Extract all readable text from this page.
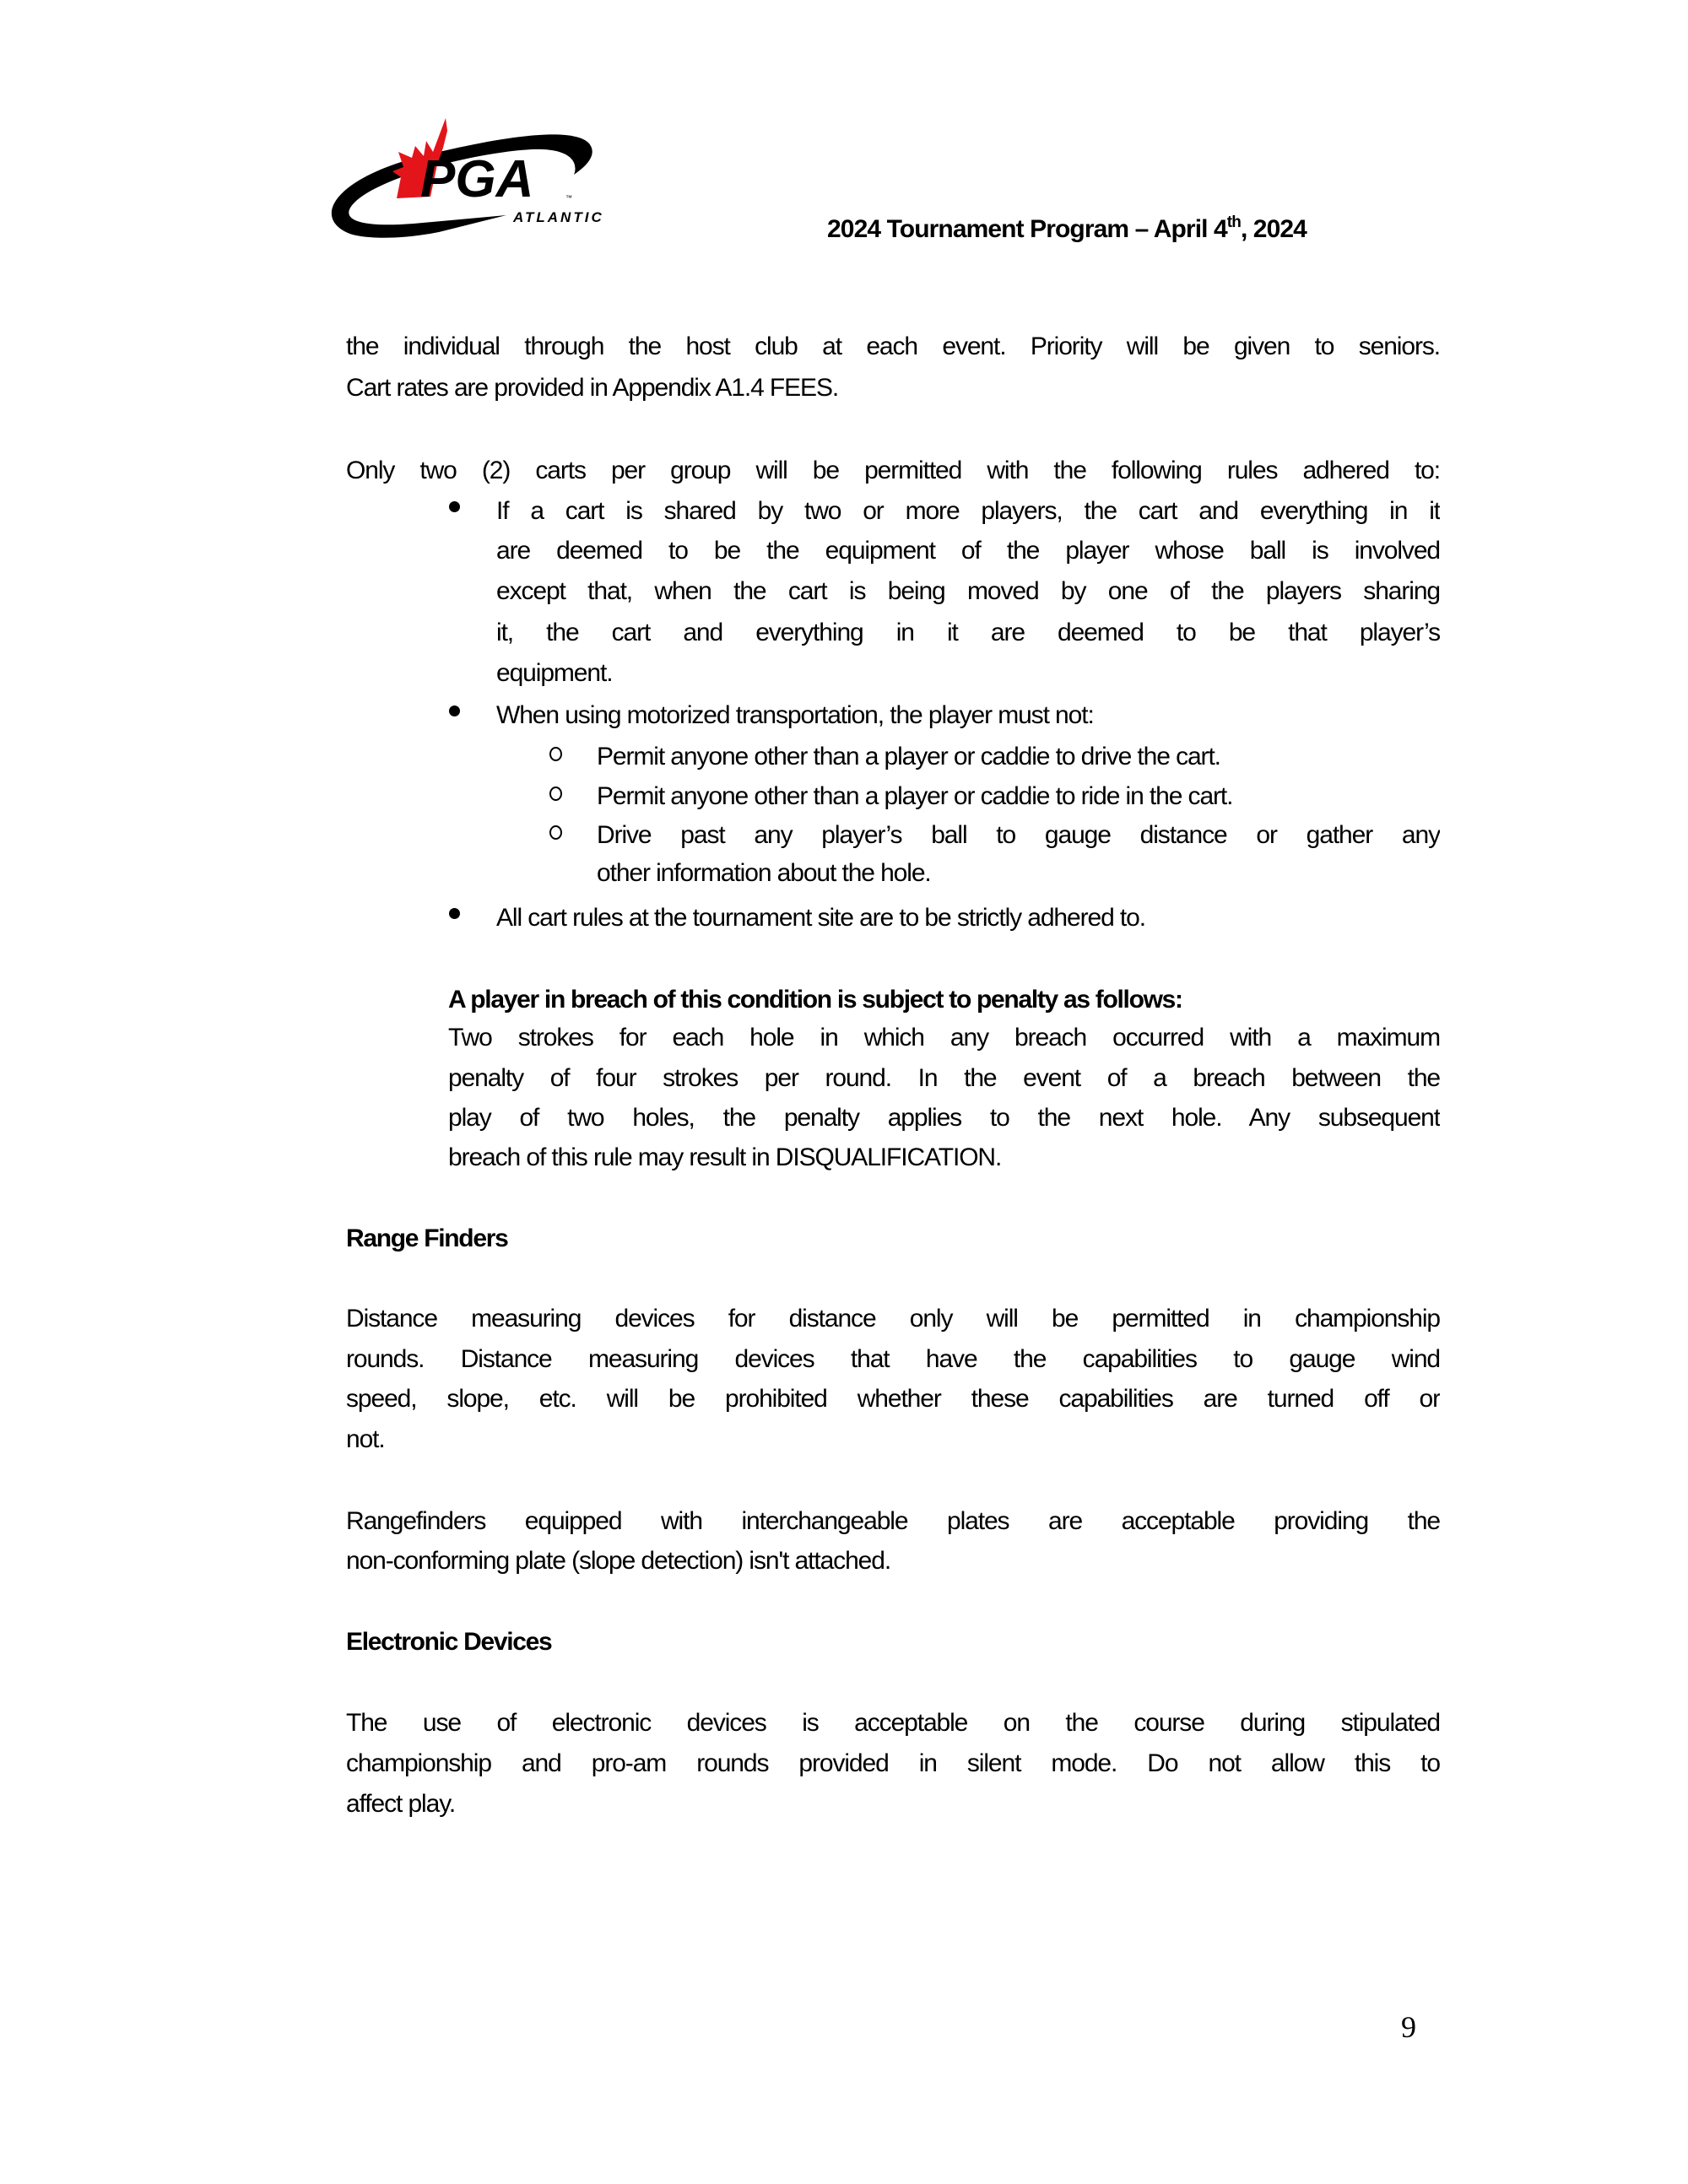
PGA	™
ATLANTIC	2024 Tournament Program – April 4th, 2024
the individual through the host club at each event. Priority will be given to seniors.
Cart rates are provided in Appendix A1.4 FEES.
Only two (2) carts per group will be permitted with the following rules adhered to:
If a cart is shared by two or more players, the cart and everything in it
are deemed to be the equipment of the player whose ball is involved
except that, when the cart is being moved by one of the players sharing
it, the cart and everything in it are deemed to be that player’s
equipment.
When using motorized transportation, the player must not:
Permit anyone other than a player or caddie to drive the cart.
Permit anyone other than a player or caddie to ride in the cart.
Drive past any player’s ball to gauge distance or gather any
other information about the hole.
All cart rules at the tournament site are to be strictly adhered to.
A player in breach of this condition is subject to penalty as follows:
Two strokes for each hole in which any breach occurred with a maximum
penalty of four strokes per round. In the event of a breach between the
play of two holes, the penalty applies to the next hole. Any subsequent
breach of this rule may result in DISQUALIFICATION.
Range Finders
Distance measuring devices for distance only will be permitted in championship
rounds. Distance measuring devices that have the capabilities to gauge wind
speed, slope, etc. will be prohibited whether these capabilities are turned off or
not.
Rangefinders equipped with interchangeable plates are acceptable providing the
non-conforming plate (slope detection) isn't attached.
Electronic Devices
The use of electronic devices is acceptable on the course during stipulated
championship and pro-am rounds provided in silent mode. Do not allow this to
affect play.
9
